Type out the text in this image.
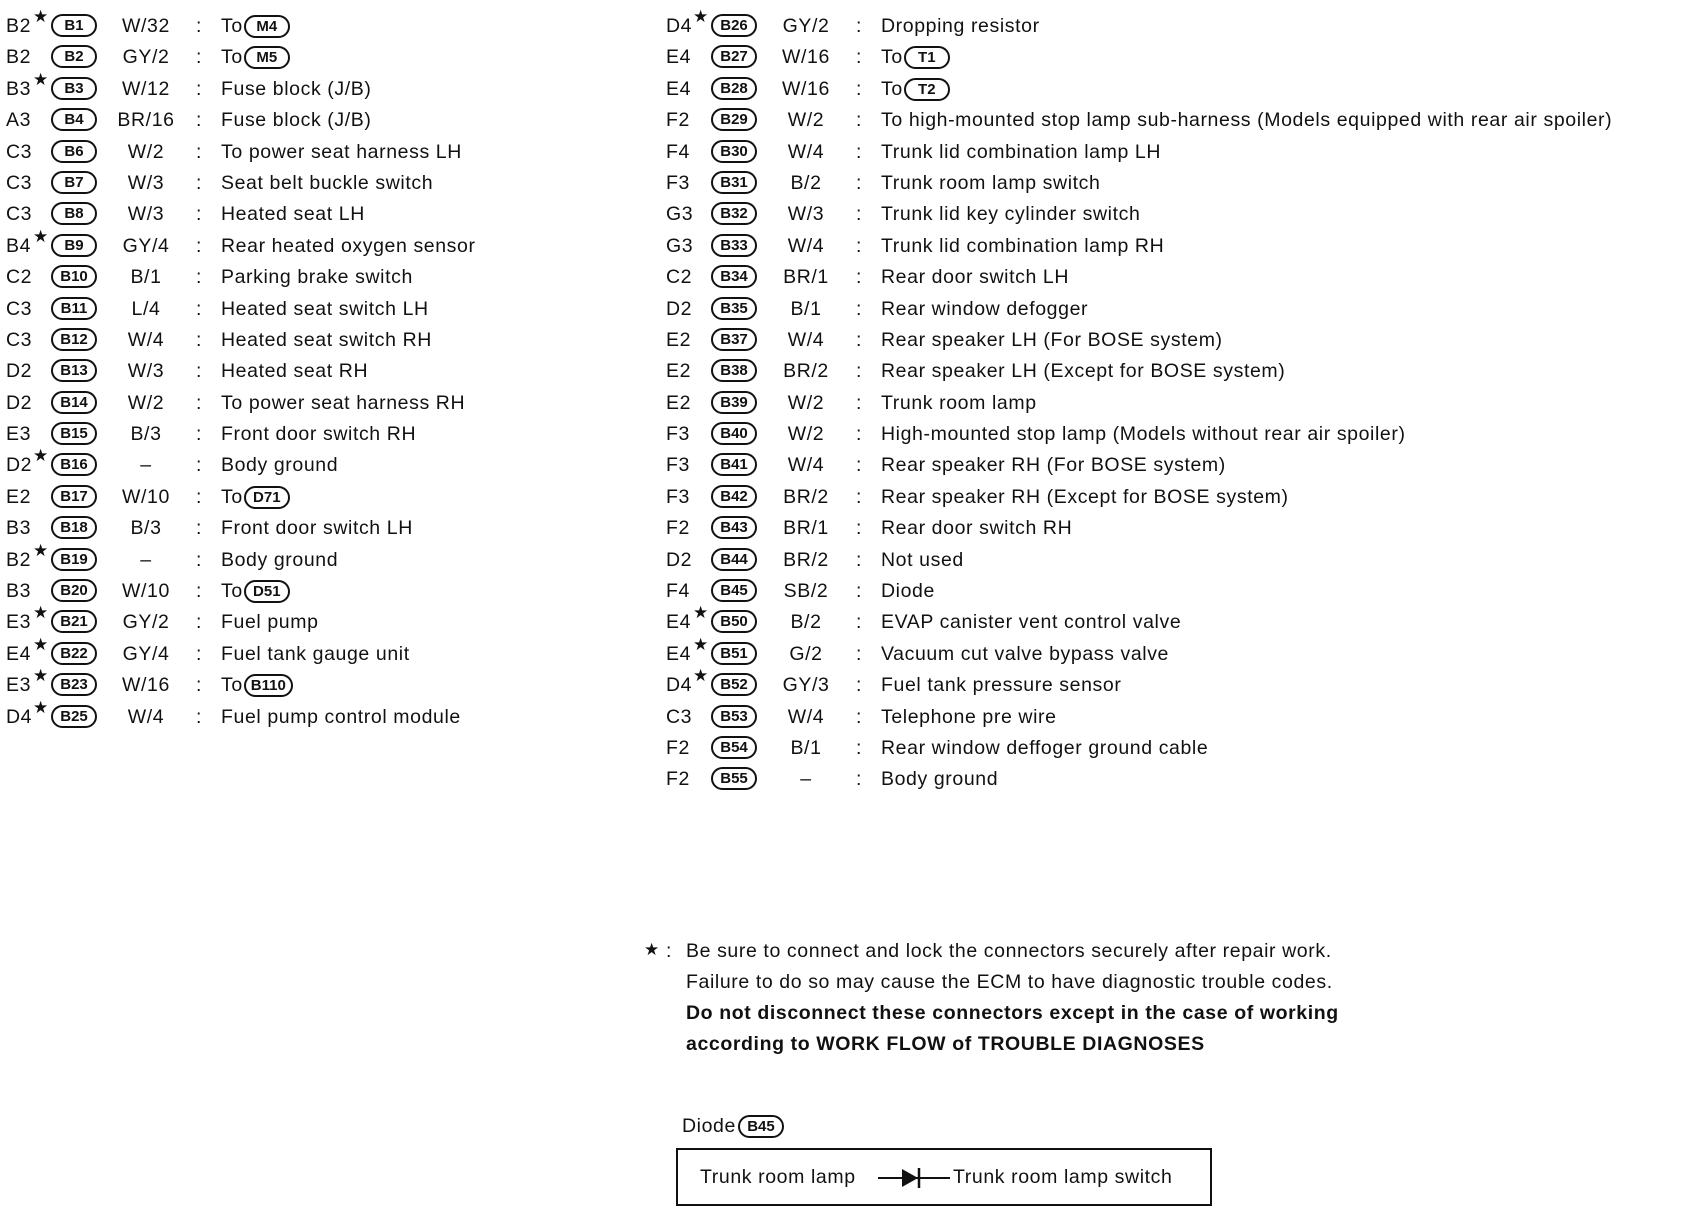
B2 ★	B1	W/32	: To M4
B2	B2	GY/2	: To M5
B3 ★	B3	W/12	: Fuse block (J/B)
A3	B4	BR/16	: Fuse block (J/B)
C3	B6	W/2	: To power seat harness LH
C3	B7	W/3	: Seat belt buckle switch
C3	B8	W/3	: Heated seat LH
B4 ★	B9	GY/4	: Rear heated oxygen sensor
C2	B10	B/1	: Parking brake switch
C3	B11	L/4	: Heated seat switch LH
C3	B12	W/4	: Heated seat switch RH
D2	B13	W/3	: Heated seat RH
D2	B14	W/2	: To power seat harness RH
E3	B15	B/3	: Front door switch RH
D2 ★ B16	–	: Body ground
E2	B17	W/10	: To D71
B3	B18	B/3	: Front door switch LH
B2 ★ B19	–	: Body ground
B3	B20	W/10	: To D51
E3 ★ B21	GY/2	: Fuel pump
E4 ★ B22	GY/4	: Fuel tank gauge unit
E3 ★ B23	W/16	: To B110
D4 ★ B25	W/4	: Fuel pump control module
D4 ★ B26	GY/2	: Dropping resistor
E4	B27	W/16	: To	T1
E4	B28	W/16	: To	T2
F2	B29	W/2	: To high-mounted stop lamp sub-harness (Models equipped with rear air spoiler)
F4	B30	W/4	: Trunk lid combination lamp LH
F3	B31	B/2	: Trunk room lamp switch
G3	B32	W/3	: Trunk lid key cylinder switch
G3	B33	W/4	: Trunk lid combination lamp RH
C2	B34	BR/1	: Rear door switch LH
D2	B35	B/1	: Rear window defogger
E2	B37	W/4	: Rear speaker LH (For BOSE system)
E2	B38	BR/2	: Rear speaker LH (Except for BOSE system)
E2	B39	W/2	: Trunk room lamp
F3	B40	W/2	: High-mounted stop lamp (Models without rear air spoiler)
F3	B41	W/4	: Rear speaker RH (For BOSE system)
F3	B42	BR/2	: Rear speaker RH (Except for BOSE system)
F2	B43	BR/1	: Rear door switch RH
D2	B44	BR/2	: Not used
F4	B45	SB/2	: Diode
E4 ★ B50	B/2	: EVAP canister vent control valve
E4 ★ B51	G/2	: Vacuum cut valve bypass valve
D4 ★ B52	GY/3	: Fuel tank pressure sensor
C3	B53	W/4	: Telephone pre wire
F2	B54	B/1	: Rear window deffoger ground cable
F2	B55	–	: Body ground
★ : Be sure to connect and lock the connectors securely after repair work.
Failure to do so may cause the ECM to have diagnostic trouble codes.
Do not disconnect these connectors except in the case of working
according to WORK FLOW of TROUBLE DIAGNOSES
Diode B45
Trunk room lamp	Trunk room lamp switch
